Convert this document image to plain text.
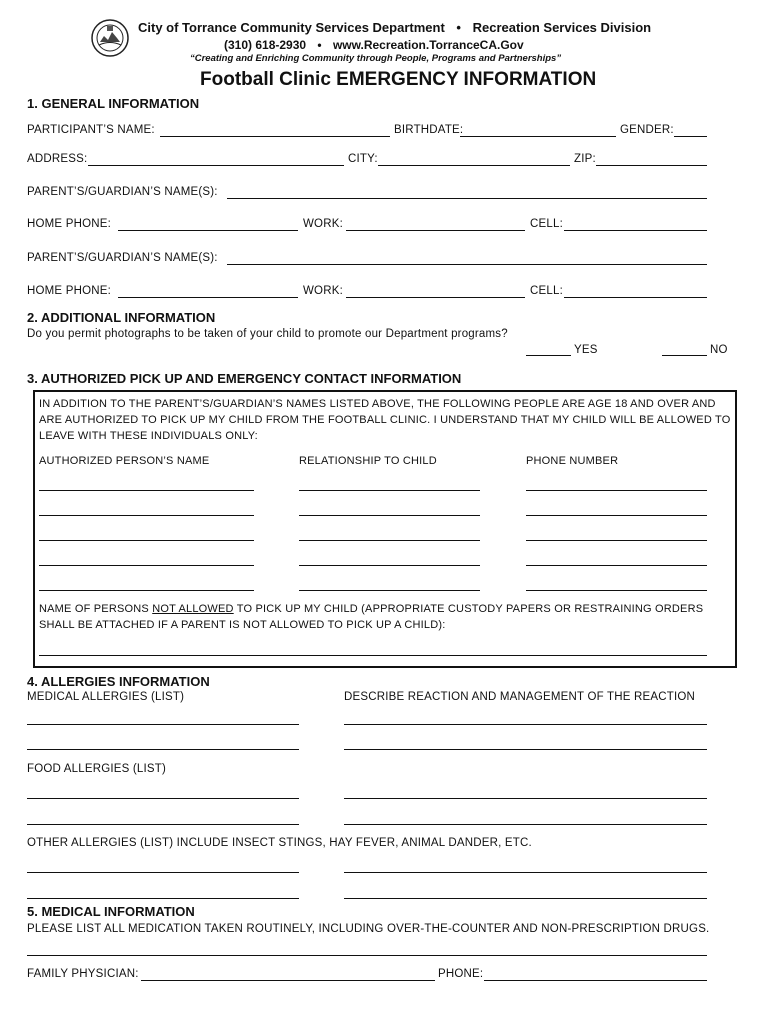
City of Torrance Community Services Department • Recreation Services Division
(310) 618-2930 • www.Recreation.TorranceCA.Gov
“Creating and Enriching Community through People, Programs and Partnerships”
Football Clinic EMERGENCY INFORMATION
1. GENERAL INFORMATION
PARTICIPANT’S NAME:	BIRTHDATE:	GENDER:
ADDRESS:	CITY:	ZIP:
PARENT’S/GUARDIAN’S NAME(S):
HOME PHONE:	WORK:	CELL:
PARENT’S/GUARDIAN’S NAME(S):
HOME PHONE:	WORK:	CELL:
2. ADDITIONAL INFORMATION
Do you permit photographs to be taken of your child to promote our Department programs?
YES	NO
3. AUTHORIZED PICK UP AND EMERGENCY CONTACT INFORMATION
IN ADDITION TO THE PARENT’S/GUARDIAN’S NAMES LISTED ABOVE, THE FOLLOWING PEOPLE ARE AGE 18 AND OVER AND ARE AUTHORIZED TO PICK UP MY CHILD FROM THE FOOTBALL CLINIC. I UNDERSTAND THAT MY CHILD WILL BE ALLOWED TO LEAVE WITH THESE INDIVIDUALS ONLY:
AUTHORIZED PERSON’S NAME	RELATIONSHIP TO CHILD	PHONE NUMBER
NAME OF PERSONS NOT ALLOWED TO PICK UP MY CHILD (APPROPRIATE CUSTODY PAPERS OR RESTRAINING ORDERS SHALL BE ATTACHED IF A PARENT IS NOT ALLOWED TO PICK UP A CHILD):
4. ALLERGIES INFORMATION
MEDICAL ALLERGIES (LIST)	DESCRIBE REACTION AND MANAGEMENT OF THE REACTION
FOOD ALLERGIES (LIST)
OTHER ALLERGIES (LIST) INCLUDE INSECT STINGS, HAY FEVER, ANIMAL DANDER, ETC.
5. MEDICAL INFORMATION
PLEASE LIST ALL MEDICATION TAKEN ROUTINELY, INCLUDING OVER-THE-COUNTER AND NON-PRESCRIPTION DRUGS.
FAMILY PHYSICIAN:	PHONE:
